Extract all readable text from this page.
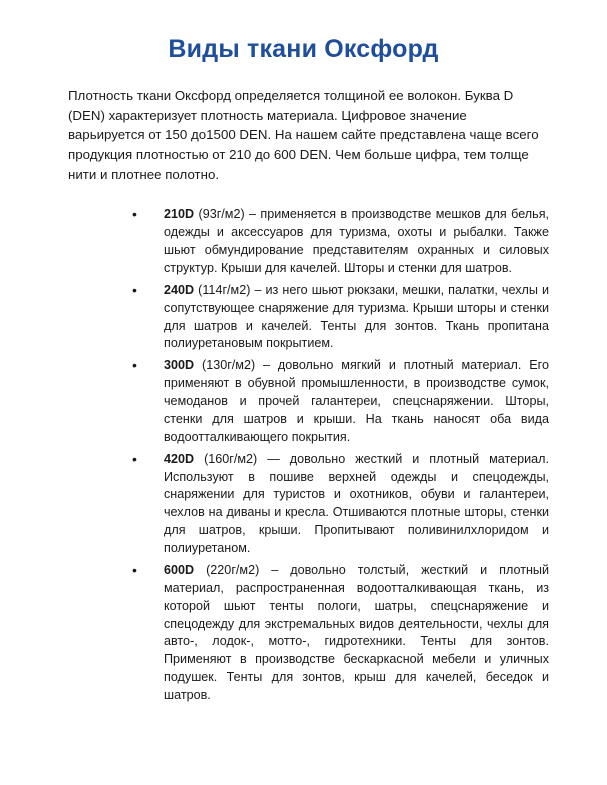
Виды ткани Оксфорд

Плотность ткани Оксфорд определяется толщиной ее волокон. Буква D (DEN) характеризует плотность материала. Цифровое значение варьируется от 150 до1500 DEN. На нашем сайте представлена чаще всего продукция плотностью от 210 до 600 DEN. Чем больше цифра, тем толще нити и плотнее полотно.

• 210D (93г/м2) – применяется в производстве мешков для белья, одежды и аксессуаров для туризма, охоты и рыбалки. Также шьют обмундирование представителям охранных и силовых структур. Крыши для качелей. Шторы и стенки для шатров.
• 240D (114г/м2) – из него шьют рюкзаки, мешки, палатки, чехлы и сопутствующее снаряжение для туризма. Крыши шторы и стенки для шатров и качелей. Тенты для зонтов. Ткань пропитана полиуретановым покрытием.
• 300D (130г/м2) – довольно мягкий и плотный материал. Его применяют в обувной промышленности, в производстве сумок, чемоданов и прочей галантереи, спецснаряжении. Шторы, стенки для шатров и крыши. На ткань наносят оба вида водоотталкивающего покрытия.
• 420D (160г/м2) — довольно жесткий и плотный материал. Используют в пошиве верхней одежды и спецодежды, снаряжении для туристов и охотников, обуви и галантереи, чехлов на диваны и кресла. Отшиваются плотные шторы, стенки для шатров, крыши. Пропитывают поливинилхлоридом и полиуретаном.
• 600D (220г/м2) – довольно толстый, жесткий и плотный материал, распространенная водоотталкивающая ткань, из которой шьют тенты пологи, шатры, спецснаряжение и спецодежду для экстремальных видов деятельности, чехлы для авто-, лодок-, мотто-, гидротехники. Тенты для зонтов. Применяют в производстве бескаркасной мебели и уличных подушек. Тенты для зонтов, крыш для качелей, беседок и шатров.
